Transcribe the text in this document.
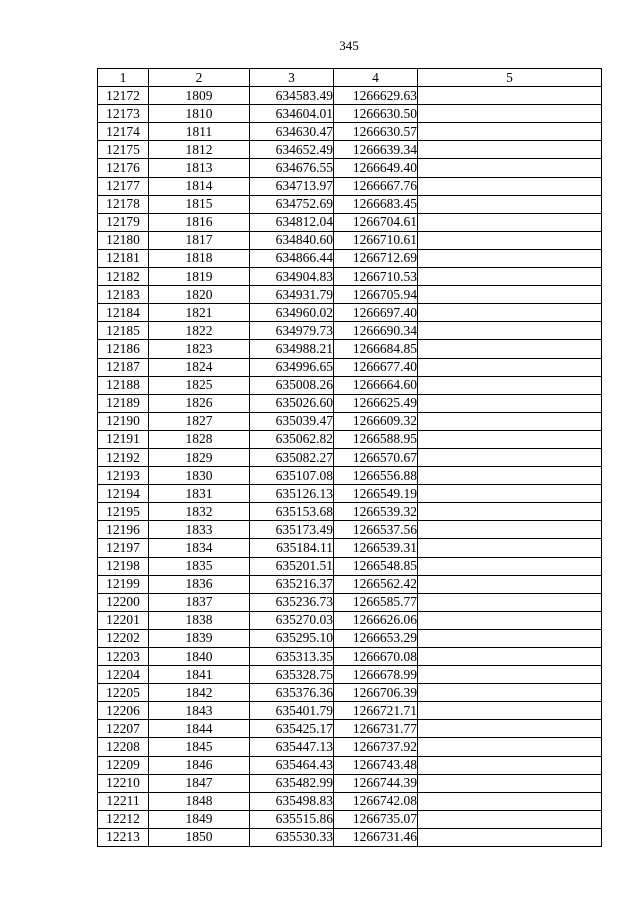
345
1	2	3	4	5
12172	1809	634583.49	1266629.63	
12173	1810	634604.01	1266630.50	
12174	1811	634630.47	1266630.57	
12175	1812	634652.49	1266639.34	
12176	1813	634676.55	1266649.40	
12177	1814	634713.97	1266667.76	
12178	1815	634752.69	1266683.45	
12179	1816	634812.04	1266704.61	
12180	1817	634840.60	1266710.61	
12181	1818	634866.44	1266712.69	
12182	1819	634904.83	1266710.53	
12183	1820	634931.79	1266705.94	
12184	1821	634960.02	1266697.40	
12185	1822	634979.73	1266690.34	
12186	1823	634988.21	1266684.85	
12187	1824	634996.65	1266677.40	
12188	1825	635008.26	1266664.60	
12189	1826	635026.60	1266625.49	
12190	1827	635039.47	1266609.32	
12191	1828	635062.82	1266588.95	
12192	1829	635082.27	1266570.67	
12193	1830	635107.08	1266556.88	
12194	1831	635126.13	1266549.19	
12195	1832	635153.68	1266539.32	
12196	1833	635173.49	1266537.56	
12197	1834	635184.11	1266539.31	
12198	1835	635201.51	1266548.85	
12199	1836	635216.37	1266562.42	
12200	1837	635236.73	1266585.77	
12201	1838	635270.03	1266626.06	
12202	1839	635295.10	1266653.29	
12203	1840	635313.35	1266670.08	
12204	1841	635328.75	1266678.99	
12205	1842	635376.36	1266706.39	
12206	1843	635401.79	1266721.71	
12207	1844	635425.17	1266731.77	
12208	1845	635447.13	1266737.92	
12209	1846	635464.43	1266743.48	
12210	1847	635482.99	1266744.39	
12211	1848	635498.83	1266742.08	
12212	1849	635515.86	1266735.07	
12213	1850	635530.33	1266731.46	
